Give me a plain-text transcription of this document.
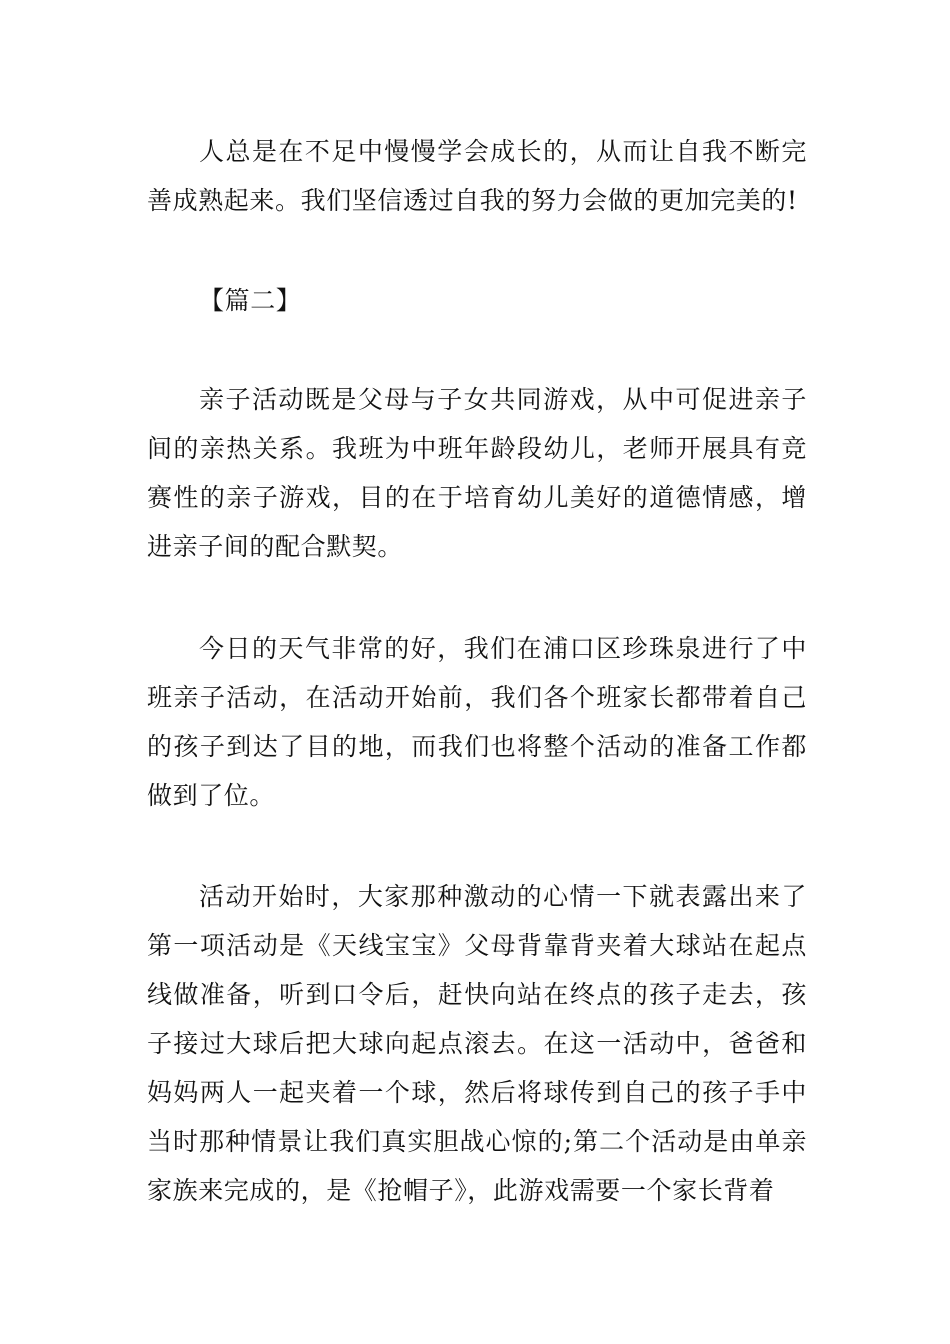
人总是在不足中慢慢学会成长的，从而让自我不断完善成熟起来。我们坚信透过自我的努力会做的更加完美的!

【篇二】

亲子活动既是父母与子女共同游戏，从中可促进亲子间的亲热关系。我班为中班年龄段幼儿，老师开展具有竞赛性的亲子游戏，目的在于培育幼儿美好的道德情感，增进亲子间的配合默契。

今日的天气非常的好，我们在浦口区珍珠泉进行了中班亲子活动，在活动开始前，我们各个班家长都带着自己的孩子到达了目的地，而我们也将整个活动的准备工作都做到了位。

活动开始时，大家那种激动的心情一下就表露出来了第一项活动是《天线宝宝》父母背靠背夹着大球站在起点线做准备，听到口令后，赶快向站在终点的孩子走去，孩子接过大球后把大球向起点滚去。在这一活动中，爸爸和妈妈两人一起夹着一个球，然后将球传到自己的孩子手中当时那种情景让我们真实胆战心惊的;第二个活动是由单亲家族来完成的，是《抢帽子》，此游戏需要一个家长背着
